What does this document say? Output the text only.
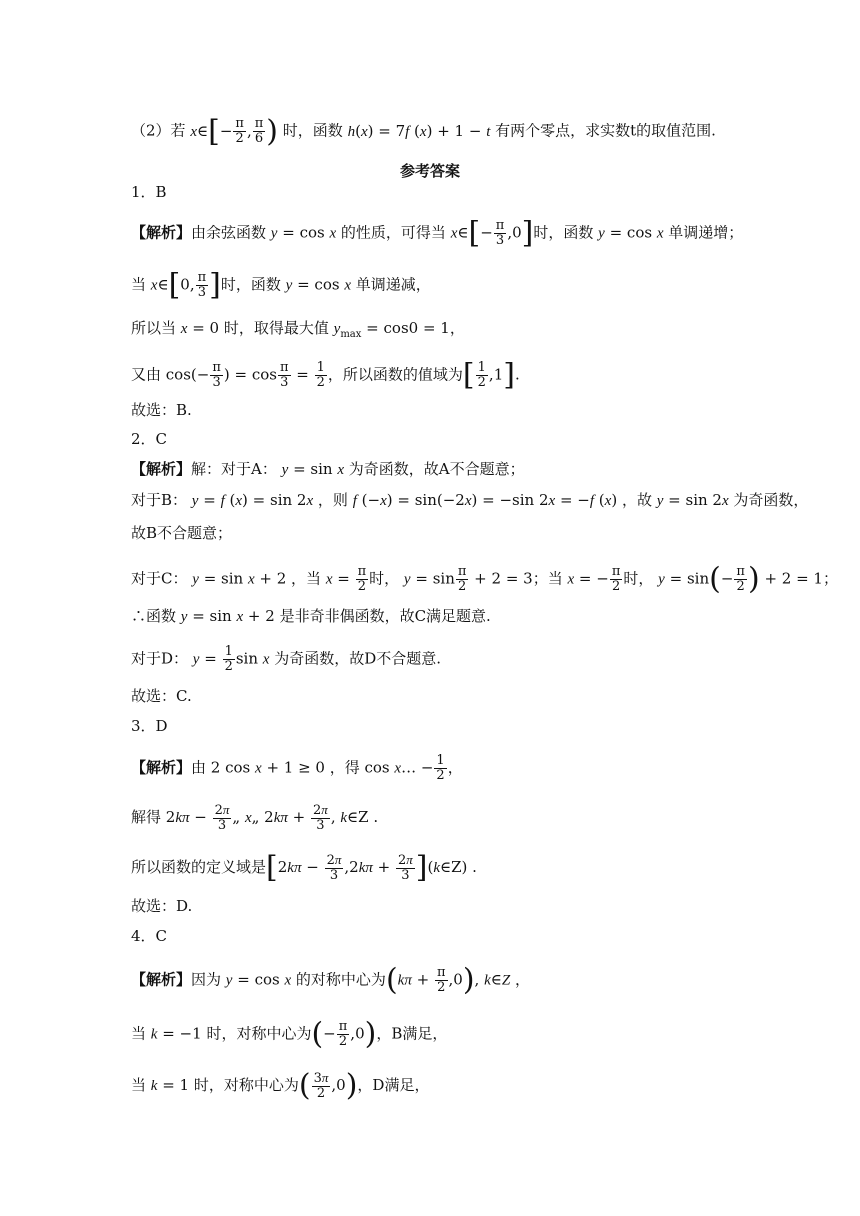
（2）若 x∈[− $\frac{\pi}{2}$ , $\frac{\pi}{6}$ ) 时，函数 h(x) = 7f (x) + 1 − t 有两个零点，求实数t的取值范围.
参考答案
1．B
【解析】由余弦函数 y = cos x 的性质，可得当 x∈[− $\frac{\pi}{3} ,0$]时，函数 y = cos x 单调递增；
当 x∈[0, $\frac{\pi}{3}$ ]时，函数 y = cos x 单调递减，
所以当 x = 0 时，取得最大值 $y_{max} = \cos 0 = 1$，
又由 $\cos(- \frac{\pi}{3}$ ) = $\cos \frac{\pi}{3} = \frac{1}{2}$ ，所以函数的值域为[ $\frac{1}{2} ,1$].
故选：B.
2．C
【解析】解：对于A： y = sin x 为奇函数，故A不合题意；
对于B： y = f (x) = sin 2x ，则 f (−x) = sin(−2x) = −sin 2x = −f (x) ，故 y = sin 2x 为奇函数，
故B不合题意；
对于C： y = sin x + 2 ，当 $x = \frac{\pi}{2}$ 时， $y = \sin \frac{\pi}{2} + 2 = 3$；当 x = − $\frac{\pi}{2}$ 时， $y = \sin(- \frac{\pi}{2}$ ) + 2 = 1；
∴函数 y = sin x + 2 是非奇非偶函数，故C满足题意.
对于D： $y = \frac{1}{2}$ sin x 为奇函数，故D不合题意.
故选：C.
3．D
【解析】由 2 cos x + 1 ≥ 0 ，得 cos x… − $\frac{1}{2}$ ，
解得 $2k\pi - \frac{2\pi}{3}$ „ x„ $2k\pi + \frac{2\pi}{3}$ , k∈Z .
所以函数的定义域是[$2k\pi - \frac{2\pi}{3} ,2k\pi + \frac{2\pi}{3}$ ](k∈Z) .
故选：D.
4．C
【解析】因为 y = cos x 的对称中心为$(k\pi + \frac{\pi}{2} ,0)$, k∈Z ，
当 k = −1 时，对称中心为(− $\frac{\pi}{2} ,0$)，B满足，
当 k = 1 时，对称中心为( $\frac{3\pi}{2} ,0$)，D满足，
